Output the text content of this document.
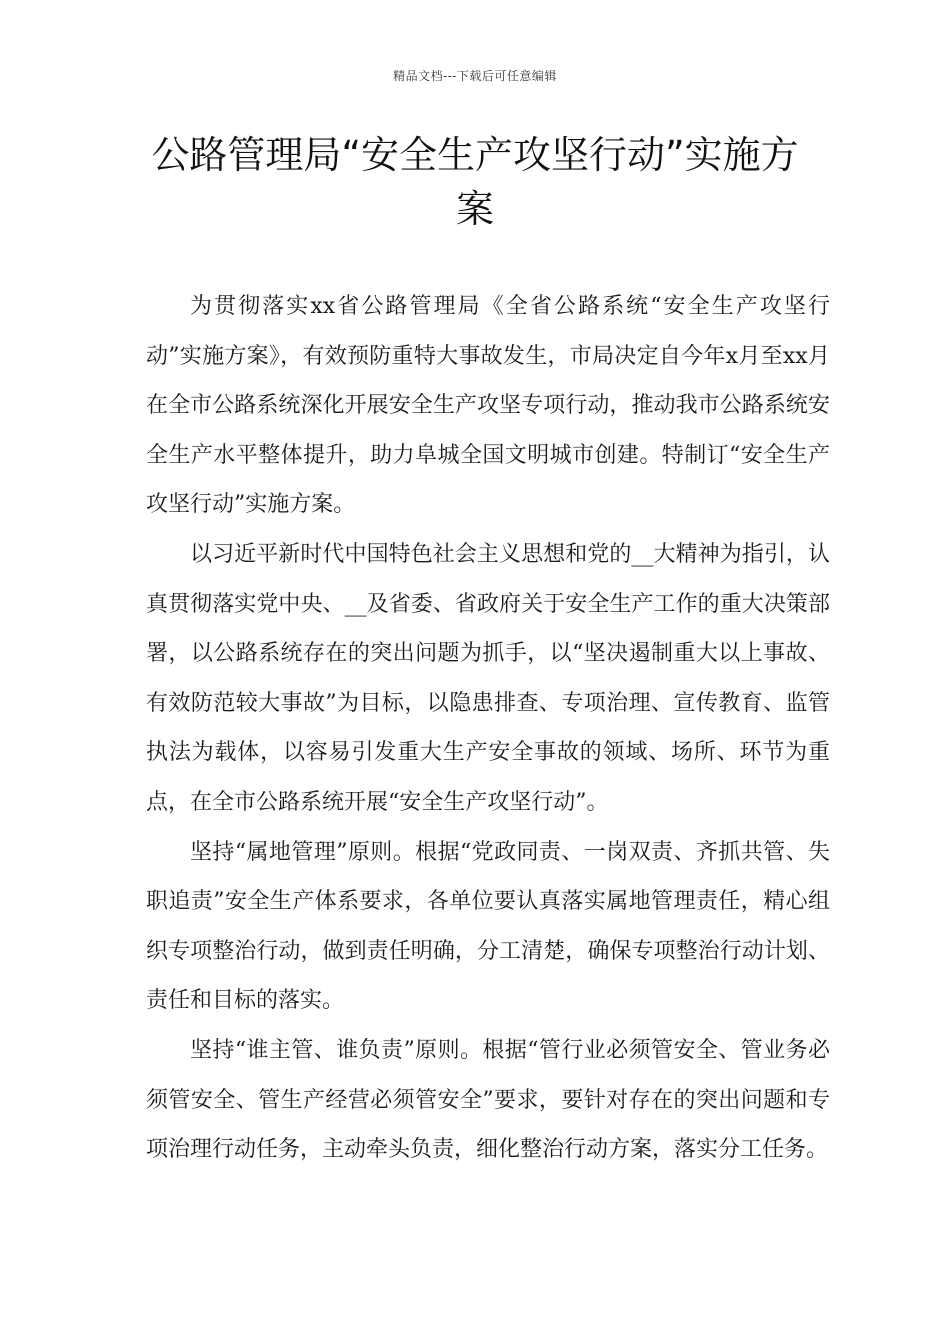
精品文档---下载后可任意编辑
公路管理局“安全生产攻坚行动”实施方案

为贯彻落实xx省公路管理局《全省公路系统“安全生产攻坚行动”实施方案》，有效预防重特大事故发生，市局决定自今年x月至xx月在全市公路系统深化开展安全生产攻坚专项行动，推动我市公路系统安全生产水平整体提升，助力阜城全国文明城市创建。特制订“安全生产攻坚行动”实施方案。

以习近平新时代中国特色社会主义思想和党的__大精神为指引，认真贯彻落实党中央、__及省委、省政府关于安全生产工作的重大决策部署，以公路系统存在的突出问题为抓手，以“坚决遏制重大以上事故、有效防范较大事故”为目标，以隐患排查、专项治理、宣传教育、监管执法为载体，以容易引发重大生产安全事故的领域、场所、环节为重点，在全市公路系统开展“安全生产攻坚行动”。

坚持“属地管理”原则。根据“党政同责、一岗双责、齐抓共管、失职追责”安全生产体系要求，各单位要认真落实属地管理责任，精心组织专项整治行动，做到责任明确，分工清楚，确保专项整治行动计划、责任和目标的落实。

坚持“谁主管、谁负责”原则。根据“管行业必须管安全、管业务必须管安全、管生产经营必须管安全”要求，要针对存在的突出问题和专项治理行动任务，主动牵头负责，细化整治行动方案，落实分工任务。
